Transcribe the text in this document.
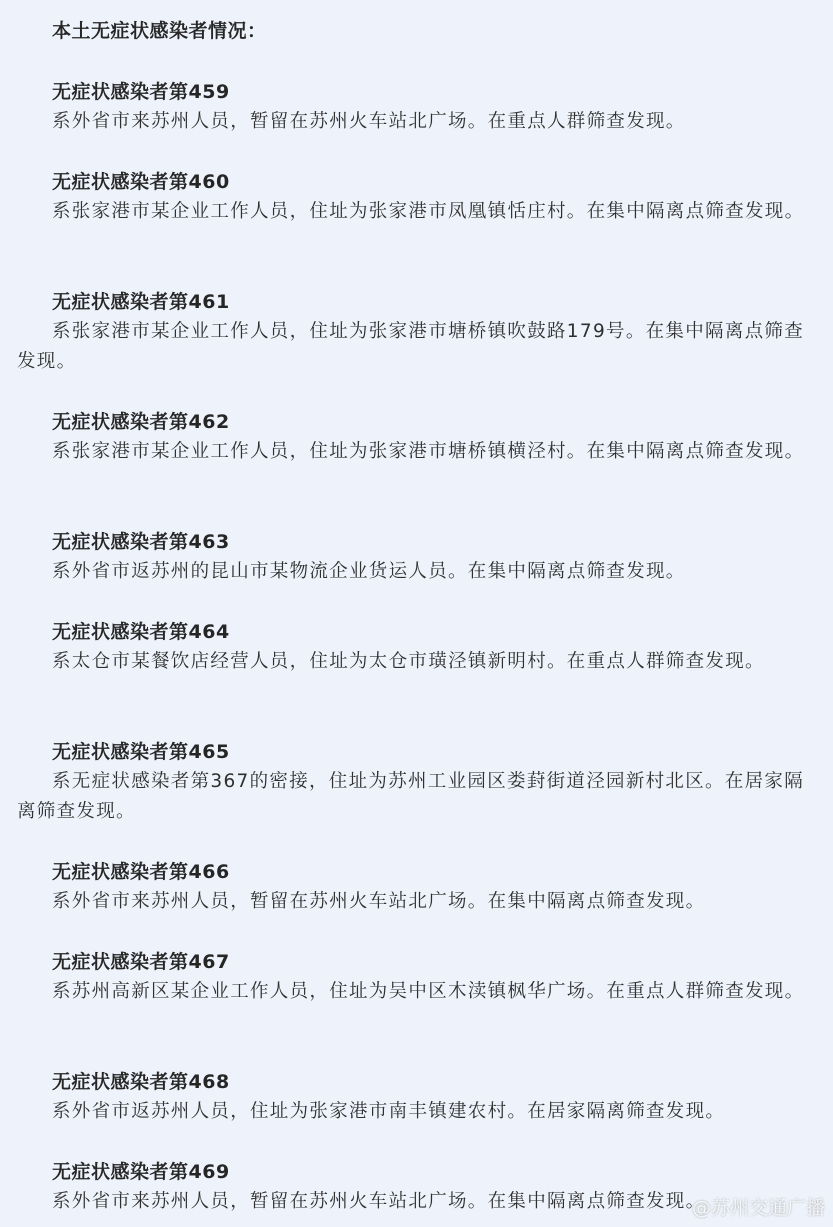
本土无症状感染者情况：
无症状感染者第459

系外省市来苏州人员，暂留在苏州火车站北广场。在重点人群筛查发现。

无症状感染者第460

系张家港市某企业工作人员，住址为张家港市凤凰镇恬庄村。在集中隔离点筛查发现。

无症状感染者第461

系张家港市某企业工作人员，住址为张家港市塘桥镇吹鼓路179号。在集中隔离点筛查发现。

无症状感染者第462

系张家港市某企业工作人员，住址为张家港市塘桥镇横泾村。在集中隔离点筛查发现。

无症状感染者第463

系外省市返苏州的昆山市某物流企业货运人员。在集中隔离点筛查发现。

无症状感染者第464

系太仓市某餐饮店经营人员，住址为太仓市璜泾镇新明村。在重点人群筛查发现。

无症状感染者第465

系无症状感染者第367的密接，住址为苏州工业园区娄葑街道泾园新村北区。在居家隔离筛查发现。

无症状感染者第466

系外省市来苏州人员，暂留在苏州火车站北广场。在集中隔离点筛查发现。

无症状感染者第467

系苏州高新区某企业工作人员，住址为吴中区木渎镇枫华广场。在重点人群筛查发现。

无症状感染者第468

系外省市返苏州人员，住址为张家港市南丰镇建农村。在居家隔离筛查发现。

无症状感染者第469

系外省市来苏州人员，暂留在苏州火车站北广场。在集中隔离点筛查发现。

@苏州交通广播
